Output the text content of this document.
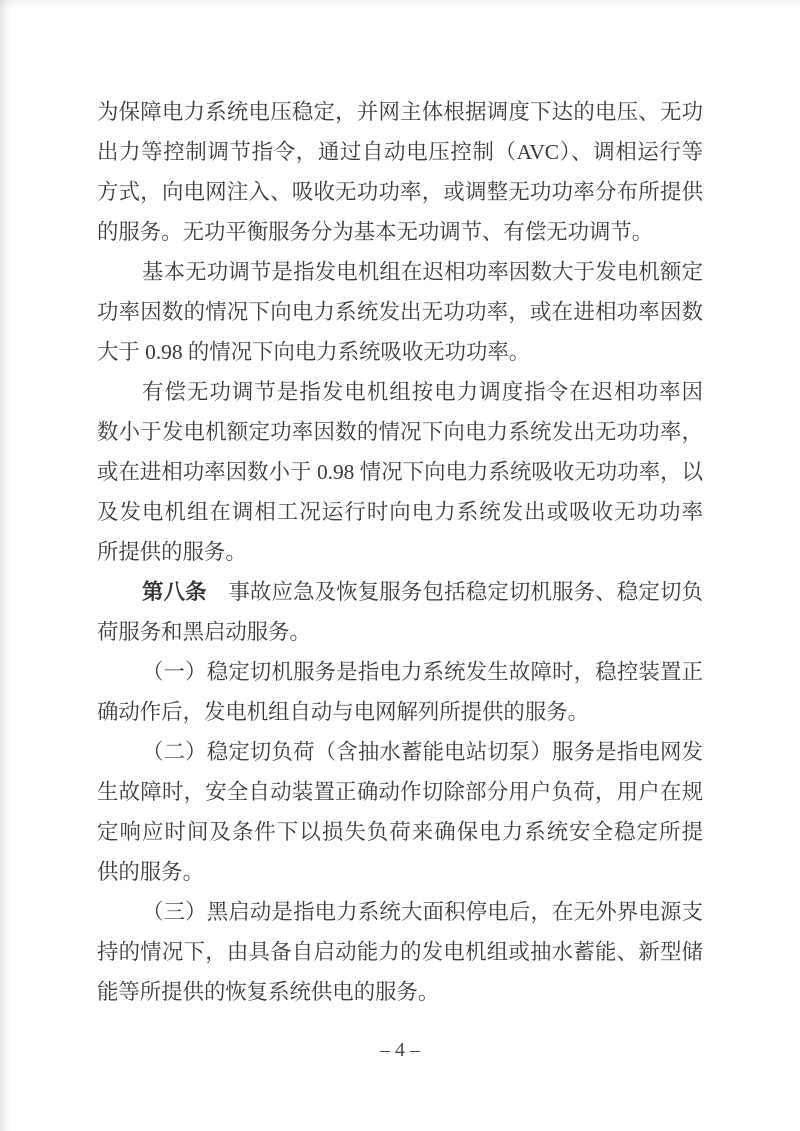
为保障电力系统电压稳定，并网主体根据调度下达的电压、无功
出力等控制调节指令，通过自动电压控制（AVC）、调相运行等
方式，向电网注入、吸收无功功率，或调整无功功率分布所提供
的服务。无功平衡服务分为基本无功调节、有偿无功调节。
基本无功调节是指发电机组在迟相功率因数大于发电机额定
功率因数的情况下向电力系统发出无功功率，或在进相功率因数
大于 0.98 的情况下向电力系统吸收无功功率。
有偿无功调节是指发电机组按电力调度指令在迟相功率因
数小于发电机额定功率因数的情况下向电力系统发出无功功率，
或在进相功率因数小于 0.98 情况下向电力系统吸收无功功率，以
及发电机组在调相工况运行时向电力系统发出或吸收无功功率
所提供的服务。
第八条　事故应急及恢复服务包括稳定切机服务、稳定切负
荷服务和黑启动服务。
（一）稳定切机服务是指电力系统发生故障时，稳控装置正
确动作后，发电机组自动与电网解列所提供的服务。
（二）稳定切负荷（含抽水蓄能电站切泵）服务是指电网发
生故障时，安全自动装置正确动作切除部分用户负荷，用户在规
定响应时间及条件下以损失负荷来确保电力系统安全稳定所提
供的服务。
（三）黑启动是指电力系统大面积停电后，在无外界电源支
持的情况下，由具备自启动能力的发电机组或抽水蓄能、新型储
能等所提供的恢复系统供电的服务。
– 4 –
